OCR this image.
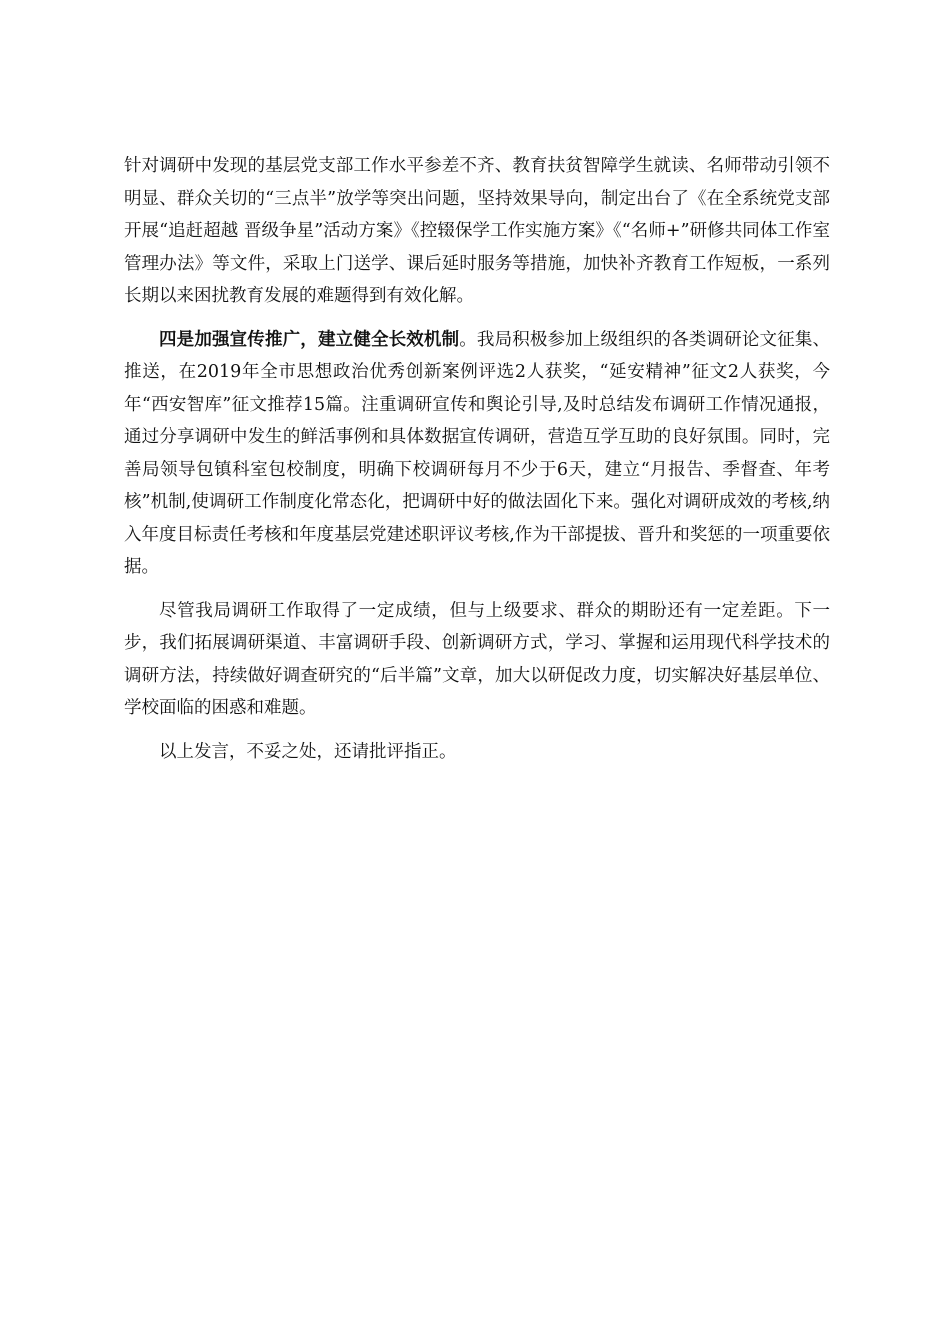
针对调研中发现的基层党支部工作水平参差不齐、教育扶贫智障学生就读、名师带动引领不明显、群众关切的“三点半”放学等突出问题，坚持效果导向，制定出台了《在全系统党支部开展“追赶超越 晋级争星”活动方案》《控辍保学工作实施方案》《“名师+”研修共同体工作室管理办法》等文件，采取上门送学、课后延时服务等措施，加快补齐教育工作短板，一系列长期以来困扰教育发展的难题得到有效化解。

四是加强宣传推广，建立健全长效机制。我局积极参加上级组织的各类调研论文征集、推送，在2019年全市思想政治优秀创新案例评选2人获奖，“延安精神”征文2人获奖，今年“西安智库”征文推荐15篇。注重调研宣传和舆论引导,及时总结发布调研工作情况通报，通过分享调研中发生的鲜活事例和具体数据宣传调研，营造互学互助的良好氛围。同时，完善局领导包镇科室包校制度，明确下校调研每月不少于6天，建立“月报告、季督查、年考核”机制,使调研工作制度化常态化，把调研中好的做法固化下来。强化对调研成效的考核,纳入年度目标责任考核和年度基层党建述职评议考核,作为干部提拔、晋升和奖惩的一项重要依据。

尽管我局调研工作取得了一定成绩，但与上级要求、群众的期盼还有一定差距。下一步，我们拓展调研渠道、丰富调研手段、创新调研方式，学习、掌握和运用现代科学技术的调研方法，持续做好调查研究的“后半篇”文章，加大以研促改力度，切实解决好基层单位、学校面临的困惑和难题。

以上发言，不妥之处，还请批评指正。
